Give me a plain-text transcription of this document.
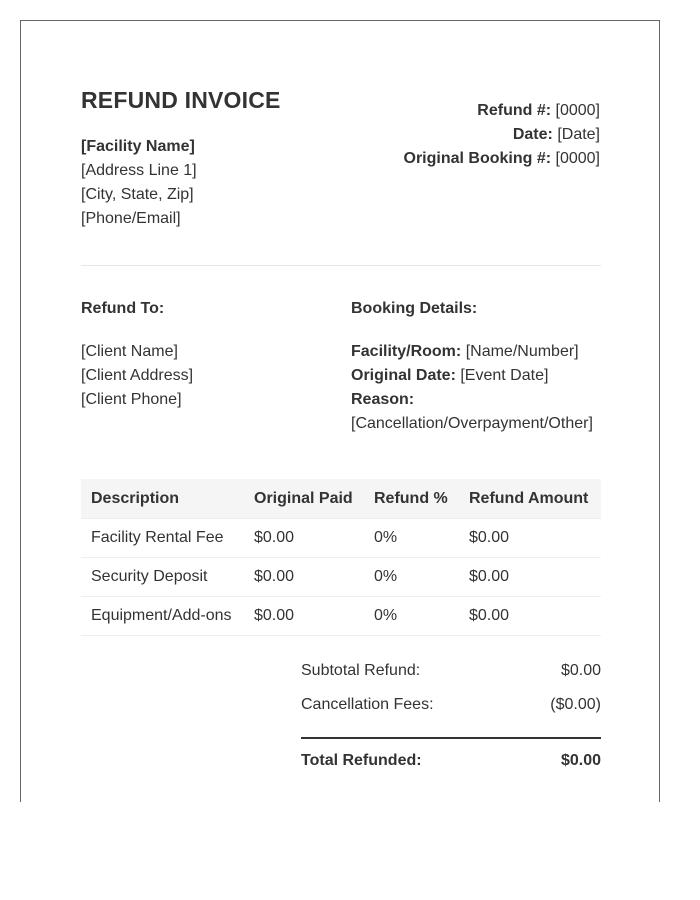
REFUND INVOICE
[Facility Name]
[Address Line 1]
[City, State, Zip]
[Phone/Email]
Refund #: [0000]
Date: [Date]
Original Booking #: [0000]
Refund To:
[Client Name]
[Client Address]
[Client Phone]
Booking Details:
Facility/Room: [Name/Number]
Original Date: [Event Date]
Reason:
[Cancellation/Overpayment/Other]
Description	Original Paid	Refund %	Refund Amount
Facility Rental Fee	$0.00	0%	$0.00
Security Deposit	$0.00	0%	$0.00
Equipment/Add-ons	$0.00	0%	$0.00
Subtotal Refund:	$0.00
Cancellation Fees:	($0.00)
Total Refunded:	$0.00
